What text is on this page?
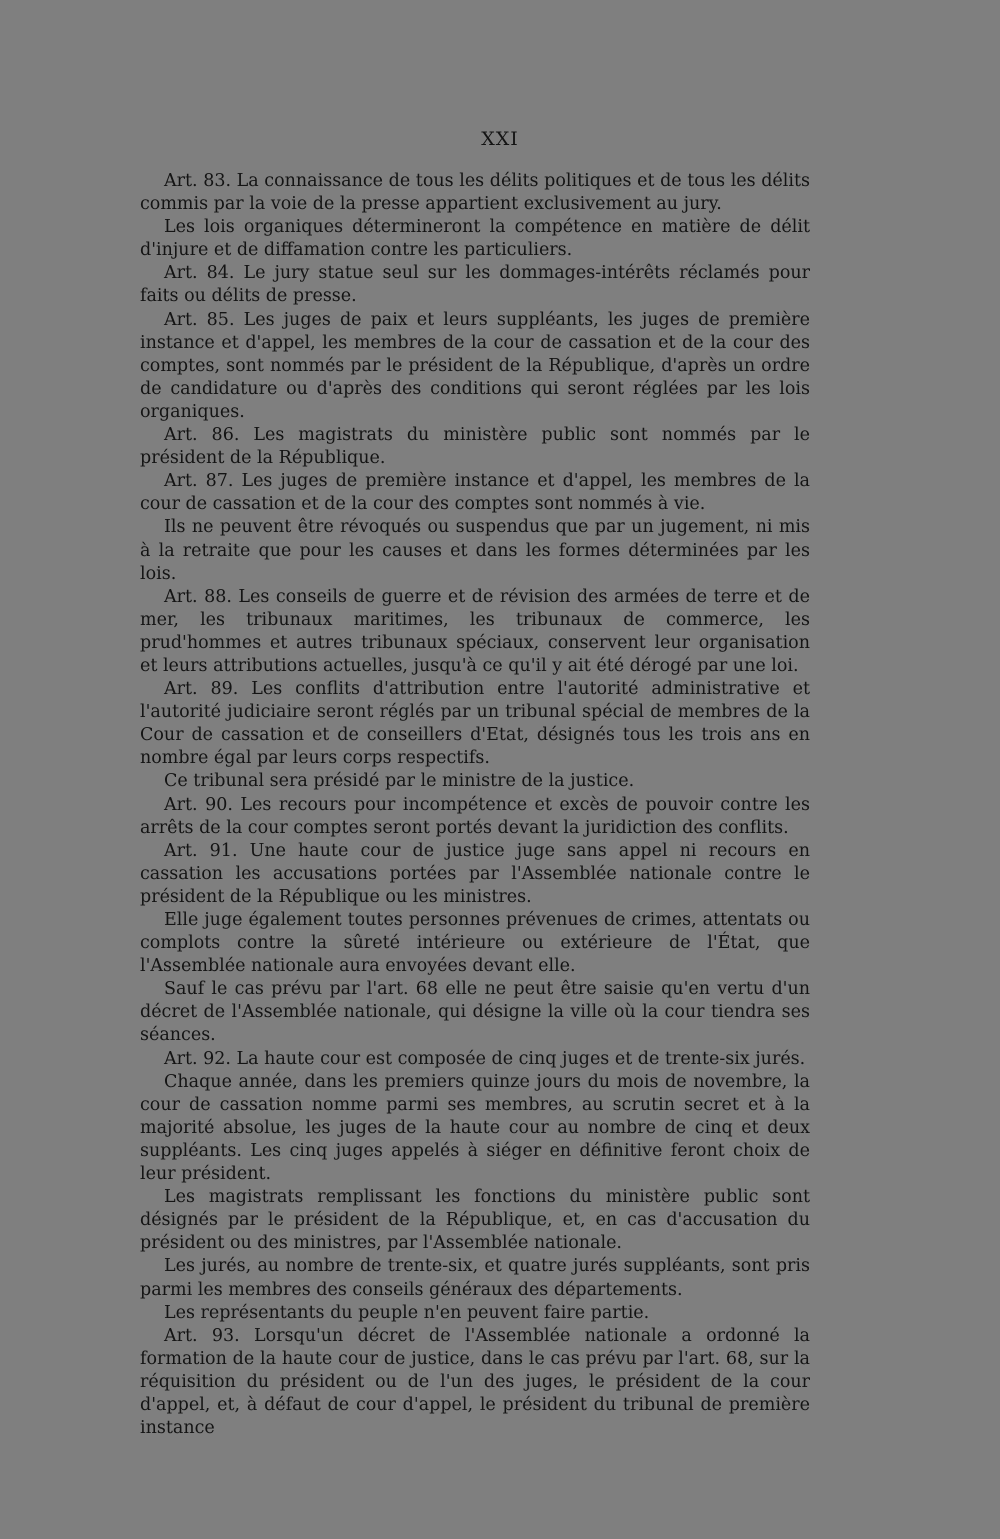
XXI

Art. 83. La connaissance de tous les délits politiques et de tous les délits commis par la voie de la presse appartient exclusivement au jury.

Les lois organiques détermineront la compétence en matière de délit d'injure et de diffamation contre les particuliers.

Art. 84. Le jury statue seul sur les dommages-intérêts réclamés pour faits ou délits de presse.

Art. 85. Les juges de paix et leurs suppléants, les juges de première instance et d'appel, les membres de la cour de cassation et de la cour des comptes, sont nommés par le président de la République, d'après un ordre de candidature ou d'après des conditions qui seront réglées par les lois organiques.

Art. 86. Les magistrats du ministère public sont nommés par le président de la République.

Art. 87. Les juges de première instance et d'appel, les membres de la cour de cassation et de la cour des comptes sont nommés à vie.

Ils ne peuvent être révoqués ou suspendus que par un jugement, ni mis à la retraite que pour les causes et dans les formes déterminées par les lois.

Art. 88. Les conseils de guerre et de révision des armées de terre et de mer, les tribunaux maritimes, les tribunaux de commerce, les prud'hommes et autres tribunaux spéciaux, conservent leur organisation et leurs attributions actuelles, jusqu'à ce qu'il y ait été dérogé par une loi.

Art. 89. Les conflits d'attribution entre l'autorité administrative et l'autorité judiciaire seront réglés par un tribunal spécial de membres de la Cour de cassation et de conseillers d'Etat, désignés tous les trois ans en nombre égal par leurs corps respectifs.

Ce tribunal sera présidé par le ministre de la justice.

Art. 90. Les recours pour incompétence et excès de pouvoir contre les arrêts de la cour comptes seront portés devant la juridiction des conflits.

Art. 91. Une haute cour de justice juge sans appel ni recours en cassation les accusations portées par l'Assemblée nationale contre le président de la République ou les ministres.

Elle juge également toutes personnes prévenues de crimes, attentats ou complots contre la sûreté intérieure ou extérieure de l'État, que l'Assemblée nationale aura envoyées devant elle.

Sauf le cas prévu par l'art. 68 elle ne peut être saisie qu'en vertu d'un décret de l'Assemblée nationale, qui désigne la ville où la cour tiendra ses séances.

Art. 92. La haute cour est composée de cinq juges et de trente-six jurés.

Chaque année, dans les premiers quinze jours du mois de novembre, la cour de cassation nomme parmi ses membres, au scrutin secret et à la majorité absolue, les juges de la haute cour au nombre de cinq et deux suppléants. Les cinq juges appelés à siéger en définitive feront choix de leur président.

Les magistrats remplissant les fonctions du ministère public sont désignés par le président de la République, et, en cas d'accusation du président ou des ministres, par l'Assemblée nationale.

Les jurés, au nombre de trente-six, et quatre jurés suppléants, sont pris parmi les membres des conseils généraux des départements.

Les représentants du peuple n'en peuvent faire partie.

Art. 93. Lorsqu'un décret de l'Assemblée nationale a ordonné la formation de la haute cour de justice, dans le cas prévu par l'art. 68, sur la réquisition du président ou de l'un des juges, le président de la cour d'appel, et, à défaut de cour d'appel, le président du tribunal de première instance
